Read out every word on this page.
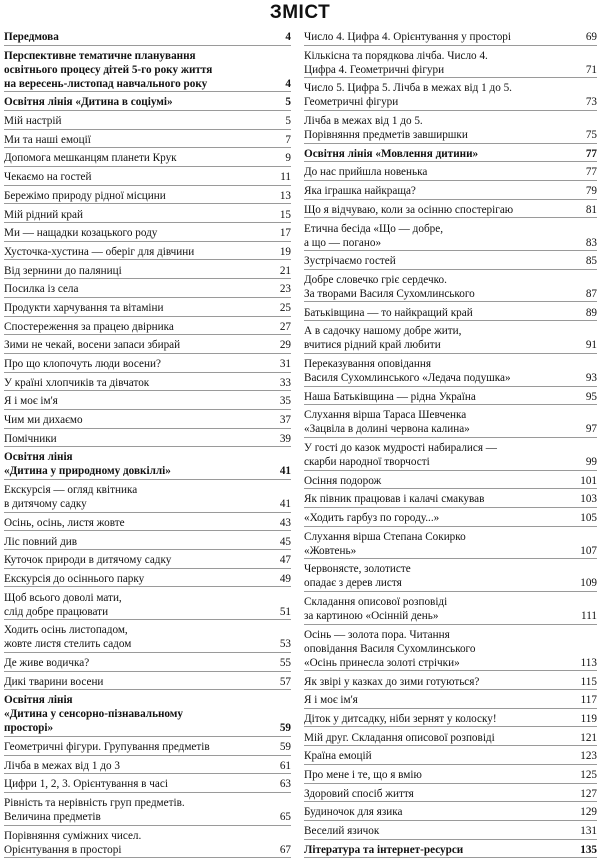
ЗМІСТ
Передмова	4
Перспективне тематичне планування
освітнього процесу дітей 5-го року життя
на вересень-листопад навчального року	4
Освітня лінія «Дитина в соціумі»	5
Мій настрій	5
Ми та наші емоції	7
Допомога мешканцям планети Крук	9
Чекаємо на гостей	11
Бережімо природу рідної місцини	13
Мій рідний край	15
Ми — нащадки козацького роду	17
Хусточка-хустина — оберіг для дівчини	19
Від зернини до паляниці	21
Посилка із села	23
Продукти харчування та вітаміни	25
Спостереження за працею двірника	27
Зими не чекай, восени запаси збирай	29
Про що клопочуть люди восени?	31
У країні хлопчиків та дівчаток	33
Я і моє ім'я	35
Чим ми дихаємо	37
Помічники	39
Освітня лінія
«Дитина у природному довкіллі»	41
Екскурсія — огляд квітника
в дитячому садку	41
Осінь, осінь, листя жовте	43
Ліс повний див	45
Куточок природи в дитячому садку	47
Екскурсія до осіннього парку	49
Щоб всього доволі мати,
слід добре працювати	51
Ходить осінь листопадом,
жовте листя стелить садом	53
Де живе водичка?	55
Дикі тварини восени	57
Освітня лінія
«Дитина у сенсорно-пізнавальному
просторі»	59
Геометричні фігури. Групування предметів	59
Лічба в межах від 1 до 3	61
Цифри 1, 2, 3. Орієнтування в часі	63
Рівність та нерівність груп предметів.
Величина предметів	65
Порівняння суміжних чисел.
Орієнтування в просторі	67
Число 4. Цифра 4. Орієнтування у просторі	69
Кількісна та порядкова лічба. Число 4.
Цифра 4. Геометричні фігури	71
Число 5. Цифра 5. Лічба в межах від 1 до 5.
Геометричні фігури	73
Лічба в межах від 1 до 5.
Порівняння предметів завширшки	75
Освітня лінія «Мовлення дитини»	77
До нас прийшла новенька	77
Яка іграшка найкраща?	79
Що я відчуваю, коли за осінню спостерігаю	81
Етична бесіда «Що — добре,
а що — погано»	83
Зустрічаємо гостей	85
Добре словечко гріє сердечко.
За творами Василя Сухомлинського	87
Батьківщина — то найкращий край	89
А в садочку нашому добре жити,
вчитися рідний край любити	91
Переказування оповідання
Василя Сухомлинського «Ледача подушка»	93
Наша Батьківщина — рідна Україна	95
Слухання вірша Тараса Шевченка
«Зацвіла в долині червона калина»	97
У гості до казок мудрості набиралися —
скарби народної творчості	99
Осіння подорож	101
Як півник працював і калачі смакував	103
«Ходить гарбуз по городу...»	105
Слухання вірша Степана Сокирко
«Жовтень»	107
Червонясте, золотисте
опадає з дерев листя	109
Складання описової розповіді
за картиною «Осінній день»	111
Осінь — золота пора. Читання
оповідання Василя Сухомлинського
«Осінь принесла золоті стрічки»	113
Як звірі у казках до зими готуються?	115
Я і моє ім'я	117
Діток у дитсадку, ніби зернят у колоску!	119
Мій друг. Складання описової розповіді	121
Країна емоцій	123
Про мене і те, що я вмію	125
Здоровий спосіб життя	127
Будиночок для язика	129
Веселий язичок	131
Література та інтернет-ресурси	135
